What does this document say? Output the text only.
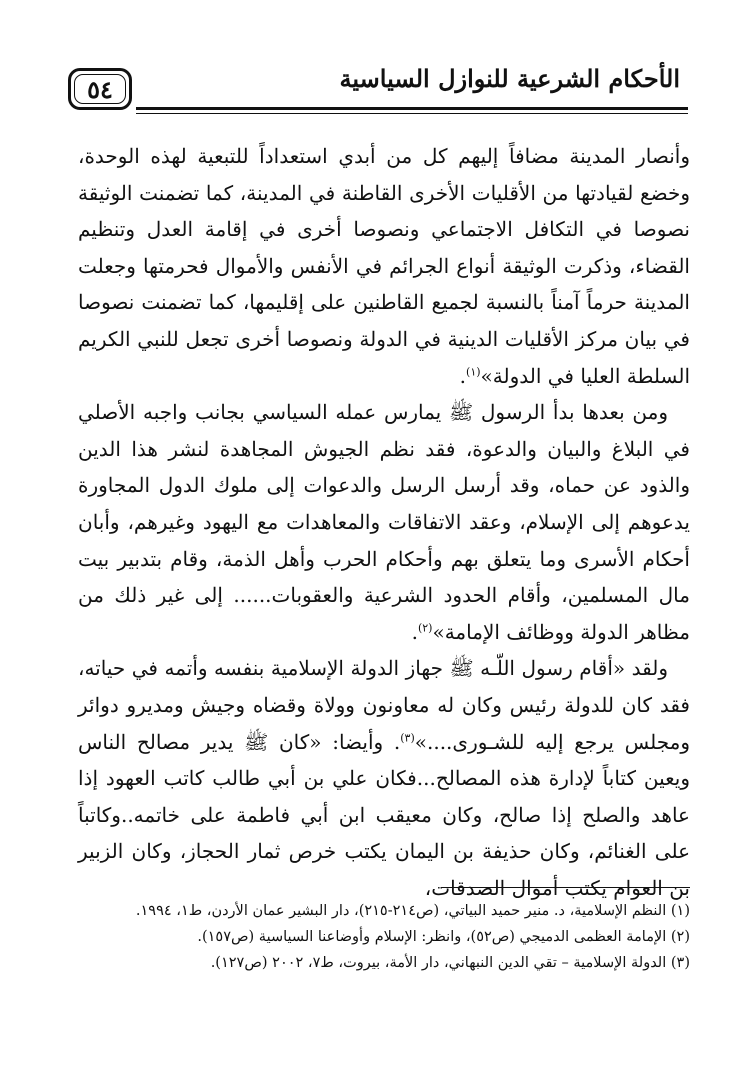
٥٤	الأحكام الشرعية للنوازل السياسية

وأنصار المدينة مضافاً إليهم كل من أبدي استعداداً للتبعية لهذه الوحدة، وخضع لقيادتها من الأقليات الأخرى القاطنة في المدينة، كما تضمنت الوثيقة نصوصا في التكافل الاجتماعي ونصوصا أخرى في إقامة العدل وتنظيم القضاء، وذكرت الوثيقة أنواع الجرائم في الأنفس والأموال فحرمتها وجعلت المدينة حرماً آمناً بالنسبة لجميع القاطنين على إقليمها، كما تضمنت نصوصا في بيان مركز الأقليات الدينية في الدولة ونصوصا أخرى تجعل للنبي الكريم السلطة العليا في الدولة»$^{(١)}$.

ومن بعدها بدأ الرسول ﷺ يمارس عمله السياسي بجانب واجبه الأصلي في البلاغ والبيان والدعوة، فقد نظم الجيوش المجاهدة لنشر هذا الدين والذود عن حماه، وقد أرسل الرسل والدعوات إلى ملوك الدول المجاورة يدعوهم إلى الإسلام، وعقد الاتفاقات والمعاهدات مع اليهود وغيرهم، وأبان أحكام الأسرى وما يتعلق بهم وأحكام الحرب وأهل الذمة، وقام بتدبير بيت مال المسلمين، وأقام الحدود الشرعية والعقوبات...... إلى غير ذلك من مظاهر الدولة ووظائف الإمامة»$^{(٢)}$.

ولقد «أقام رسول اللّـه ﷺ جهاز الدولة الإسلامية بنفسه وأتمه في حياته، فقد كان للدولة رئيس وكان له معاونون وولاة وقضاه وجيش ومديرو دوائر ومجلس يرجع إليه للشـورى....»$^{(٣)}$. وأيضا: «كان ﷺ يدير مصالح الناس ويعين كتاباً لإدارة هذه المصالح...فكان علي بن أبي طالب كاتب العهود إذا عاهد والصلح إذا صالح، وكان معيقب ابن أبي فاطمة على خاتمه..وكاتباً على الغنائم، وكان حذيفة بن اليمان يكتب خرص ثمار الحجاز، وكان الزبير بن العوام يكتب أموال الصدقات،

(١) النظم الإسلامية، د. منير حميد البياتي، (ص٢١٤-٢١٥)، دار البشير عمان الأردن، ط١، ١٩٩٤.
(٢) الإمامة العظمى الدميجي (ص٥٢)، وانظر: الإسلام وأوضاعنا السياسية (ص١٥٧).
(٣) الدولة الإسلامية – تقي الدين النبهاني، دار الأمة، بيروت، ط٧، ٢٠٠٢ (ص١٢٧).
